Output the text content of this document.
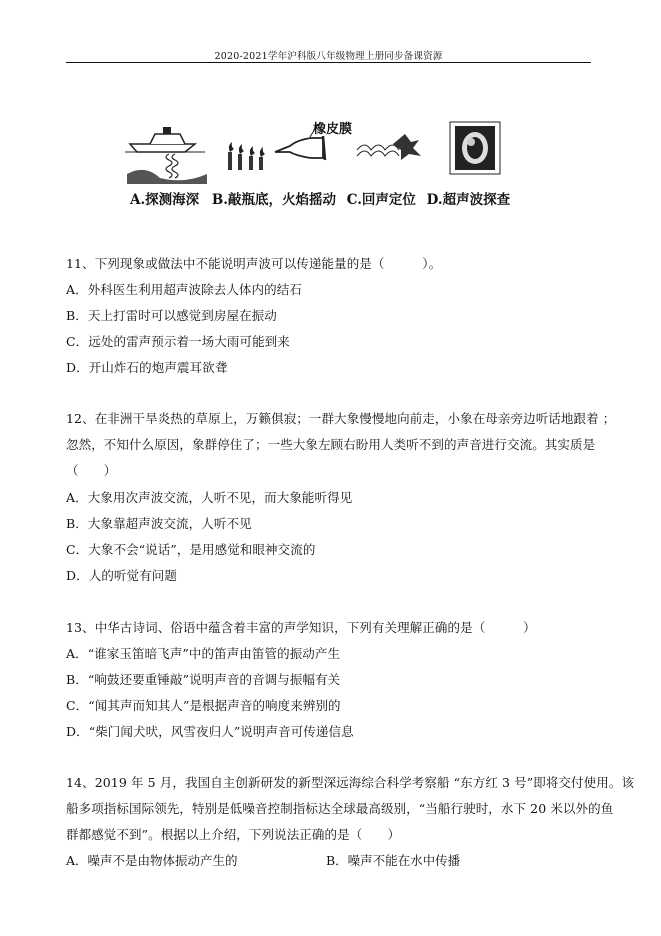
2020-2021学年沪科版八年级物理上册同步备课资源
橡皮膜
A.探测海深 B.敲瓶底，火焰摇动 C.回声定位 D.超声波探查
11、下列现象或做法中不能说明声波可以传递能量的是（　　　）。
A．外科医生利用超声波除去人体内的结石
B．天上打雷时可以感觉到房屋在振动
C．远处的雷声预示着一场大雨可能到来
D．开山炸石的炮声震耳欲聋
12、在非洲干旱炎热的草原上，万籁俱寂；一群大象慢慢地向前走，小象在母亲旁边听话地跟着 ；
忽然，不知什么原因，象群停住了；一些大象左顾右盼用人类听不到的声音进行交流。其实质是
（　　）
A．大象用次声波交流，人听不见，而大象能听得见
B．大象靠超声波交流，人听不见
C．大象不会“说话”，是用感觉和眼神交流的
D．人的听觉有问题
13、中华古诗词、俗语中蕴含着丰富的声学知识，下列有关理解正确的是（　　　）
A．“谁家玉笛暗飞声”中的笛声由笛管的振动产生
B．“响鼓还要重锤敲”说明声音的音调与振幅有关
C．“闻其声而知其人”是根据声音的响度来辨别的
D．“柴门闻犬吠，风雪夜归人”说明声音可传递信息
14、2019 年 5 月，我国自主创新研发的新型深远海综合科学考察船 “东方红 3 号”即将交付使用。该
船多项指标国际领先，特别是低噪音控制指标达全球最高级别，“当船行驶时，水下 20 米以外的鱼
群都感觉不到”。根据以上介绍，下列说法正确的是（　　）
A．噪声不是由物体振动产生的	B．噪声不能在水中传播
